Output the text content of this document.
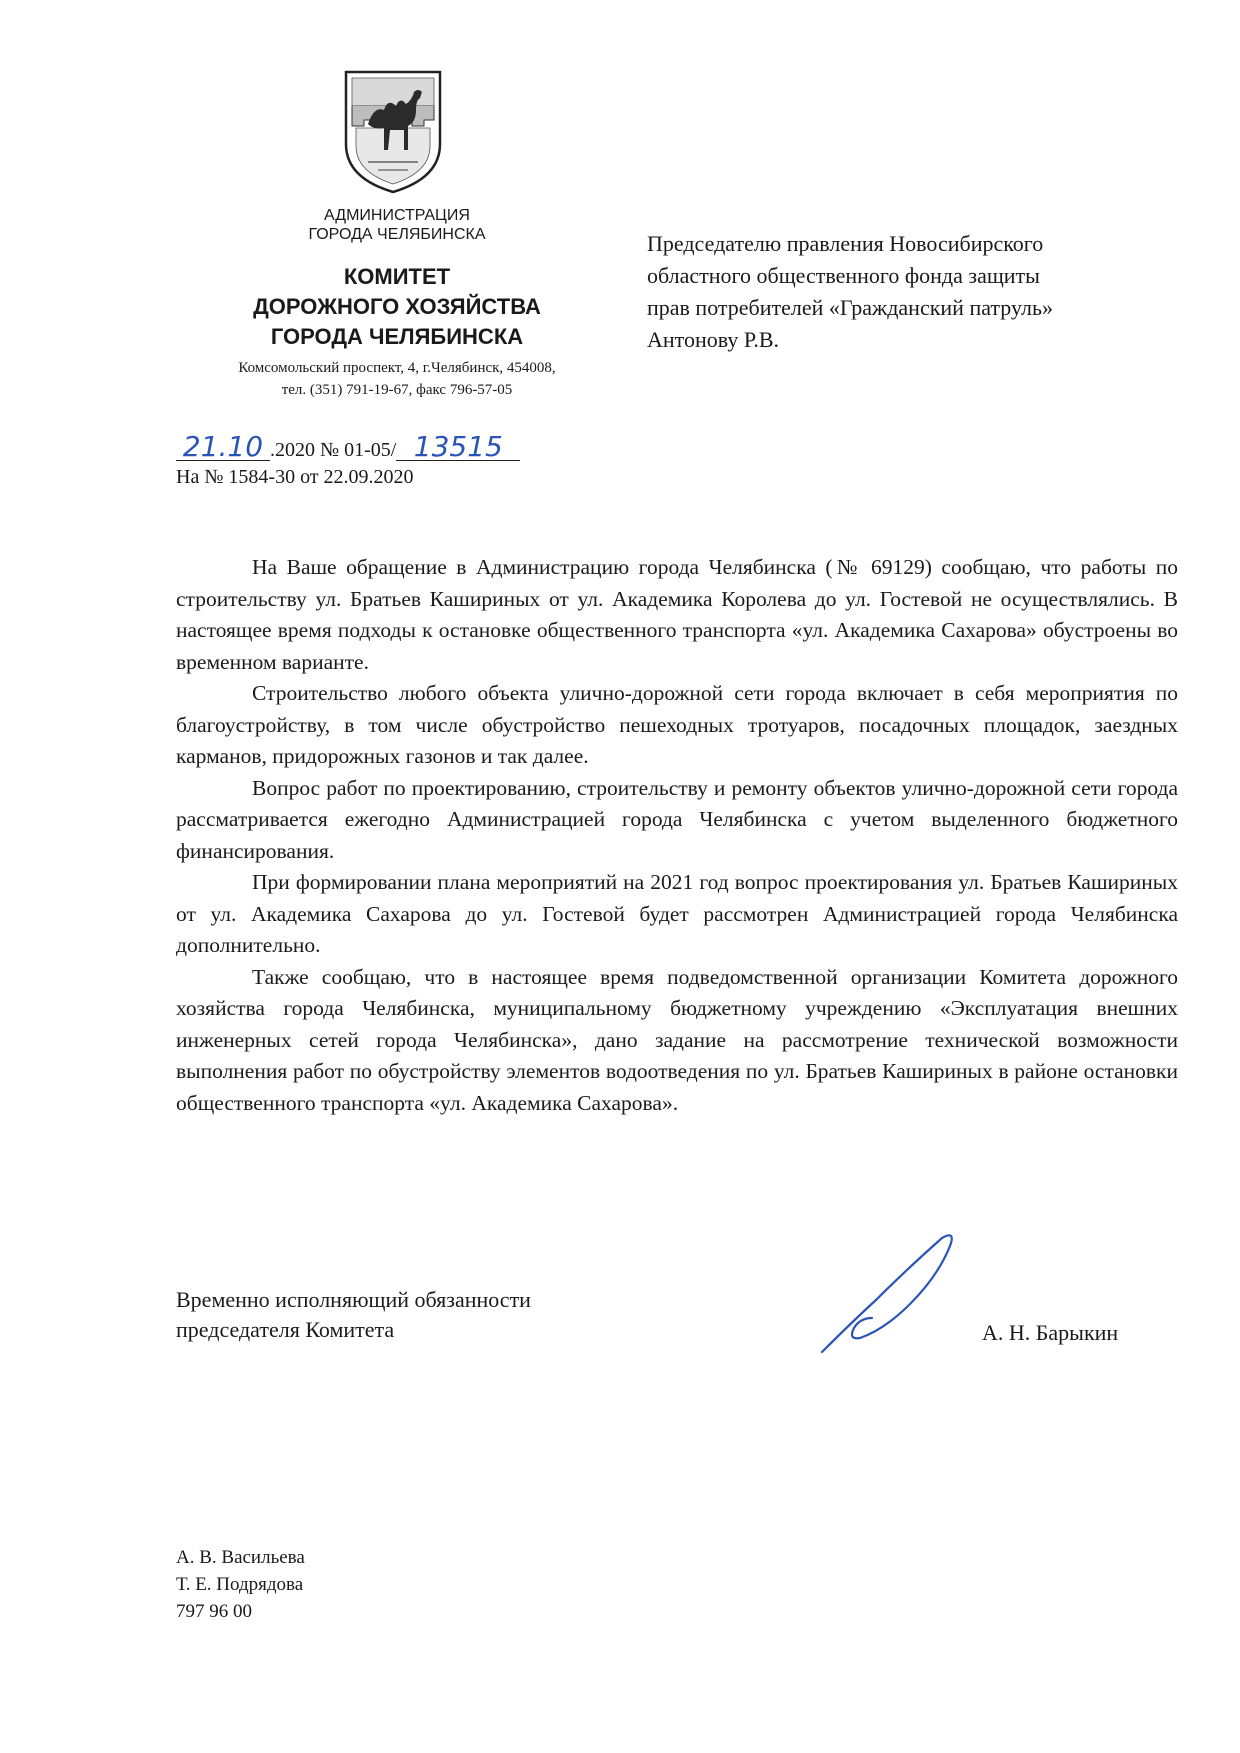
АДМИНИСТРАЦИЯ
ГОРОДА ЧЕЛЯБИНСКА
КОМИТЕТ
ДОРОЖНОГО ХОЗЯЙСТВА
ГОРОДА ЧЕЛЯБИНСКА
Комсомольский проспект, 4, г.Челябинск, 454008,
тел. (351) 791-19-67, факс 796-57-05
Председателю правления Новосибирского
областного общественного фонда защиты
прав потребителей «Гражданский патруль»
Антонову Р.В.
21.10 .2020 № 01-05/ 13515
На № 1584-30 от 22.09.2020

На Ваше обращение в Администрацию города Челябинска (№ 69129) сообщаю, что работы по строительству ул. Братьев Кашириных от ул. Академика Королева до ул. Гостевой не осуществлялись. В настоящее время подходы к остановке общественного транспорта «ул. Академика Сахарова» обустроены во временном варианте.

Строительство любого объекта улично-дорожной сети города включает в себя мероприятия по благоустройству, в том числе обустройство пешеходных тротуаров, посадочных площадок, заездных карманов, придорожных газонов и так далее.

Вопрос работ по проектированию, строительству и ремонту объектов улично-дорожной сети города рассматривается ежегодно Администрацией города Челябинска с учетом выделенного бюджетного финансирования.

При формировании плана мероприятий на 2021 год вопрос проектирования ул. Братьев Кашириных от ул. Академика Сахарова до ул. Гостевой будет рассмотрен Администрацией города Челябинска дополнительно.

Также сообщаю, что в настоящее время подведомственной организации Комитета дорожного хозяйства города Челябинска, муниципальному бюджетному учреждению «Эксплуатация внешних инженерных сетей города Челябинска», дано задание на рассмотрение технической возможности выполнения работ по обустройству элементов водоотведения по ул. Братьев Кашириных в районе остановки общественного транспорта «ул. Академика Сахарова».

Временно исполняющий обязанности
председателя Комитета	А. Н. Барыкин
А. В. Васильева
Т. Е. Подрядова
797 96 00
